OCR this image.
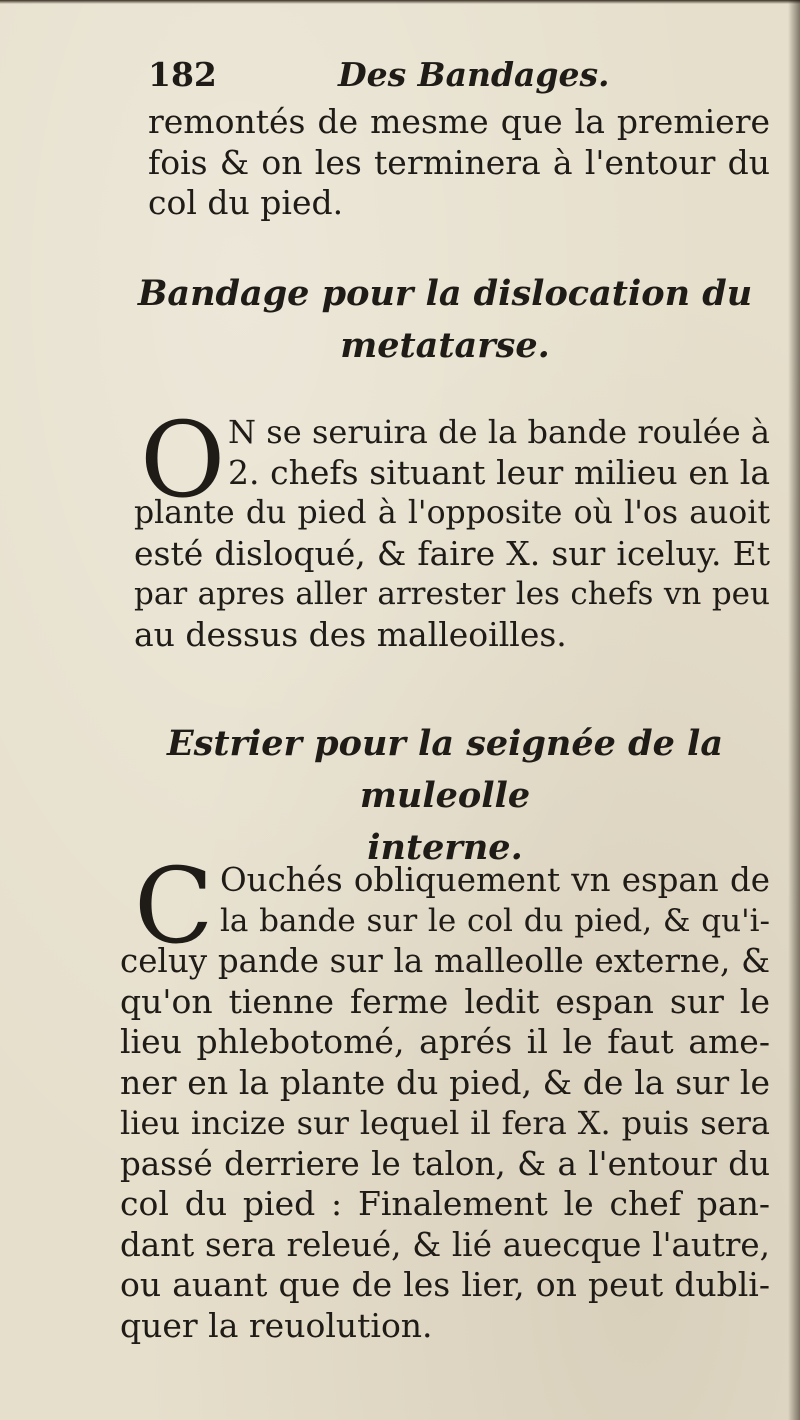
182	Des Bandages.
remontés de mesme que la premiere
fois & on les terminera à l'entour du
col du pied.
Bandage pour la dislocation du
metatarse.
O N se seruira de la bande roulée à
2. chefs situant leur milieu en la
plante du pied à l'opposite où l'os auoit
esté disloqué, & faire X. sur iceluy. Et
par apres aller arrester les chefs vn peu
au dessus des malleoilles.
Estrier pour la seignée de la muleolle
interne.
C Ouchés obliquement vn espan de
la bande sur le col du pied, & qu'i-
celuy pande sur la malleolle externe, &
qu'on tienne ferme ledit espan sur le
lieu phlebotomé, aprés il le faut ame-
ner en la plante du pied, & de la sur le
lieu incize sur lequel il fera X. puis sera
passé derriere le talon, & a l'entour du
col du pied : Finalement le chef pan-
dant sera releué, & lié auecque l'autre,
ou auant que de les lier, on peut dubli-
quer la reuolution.
